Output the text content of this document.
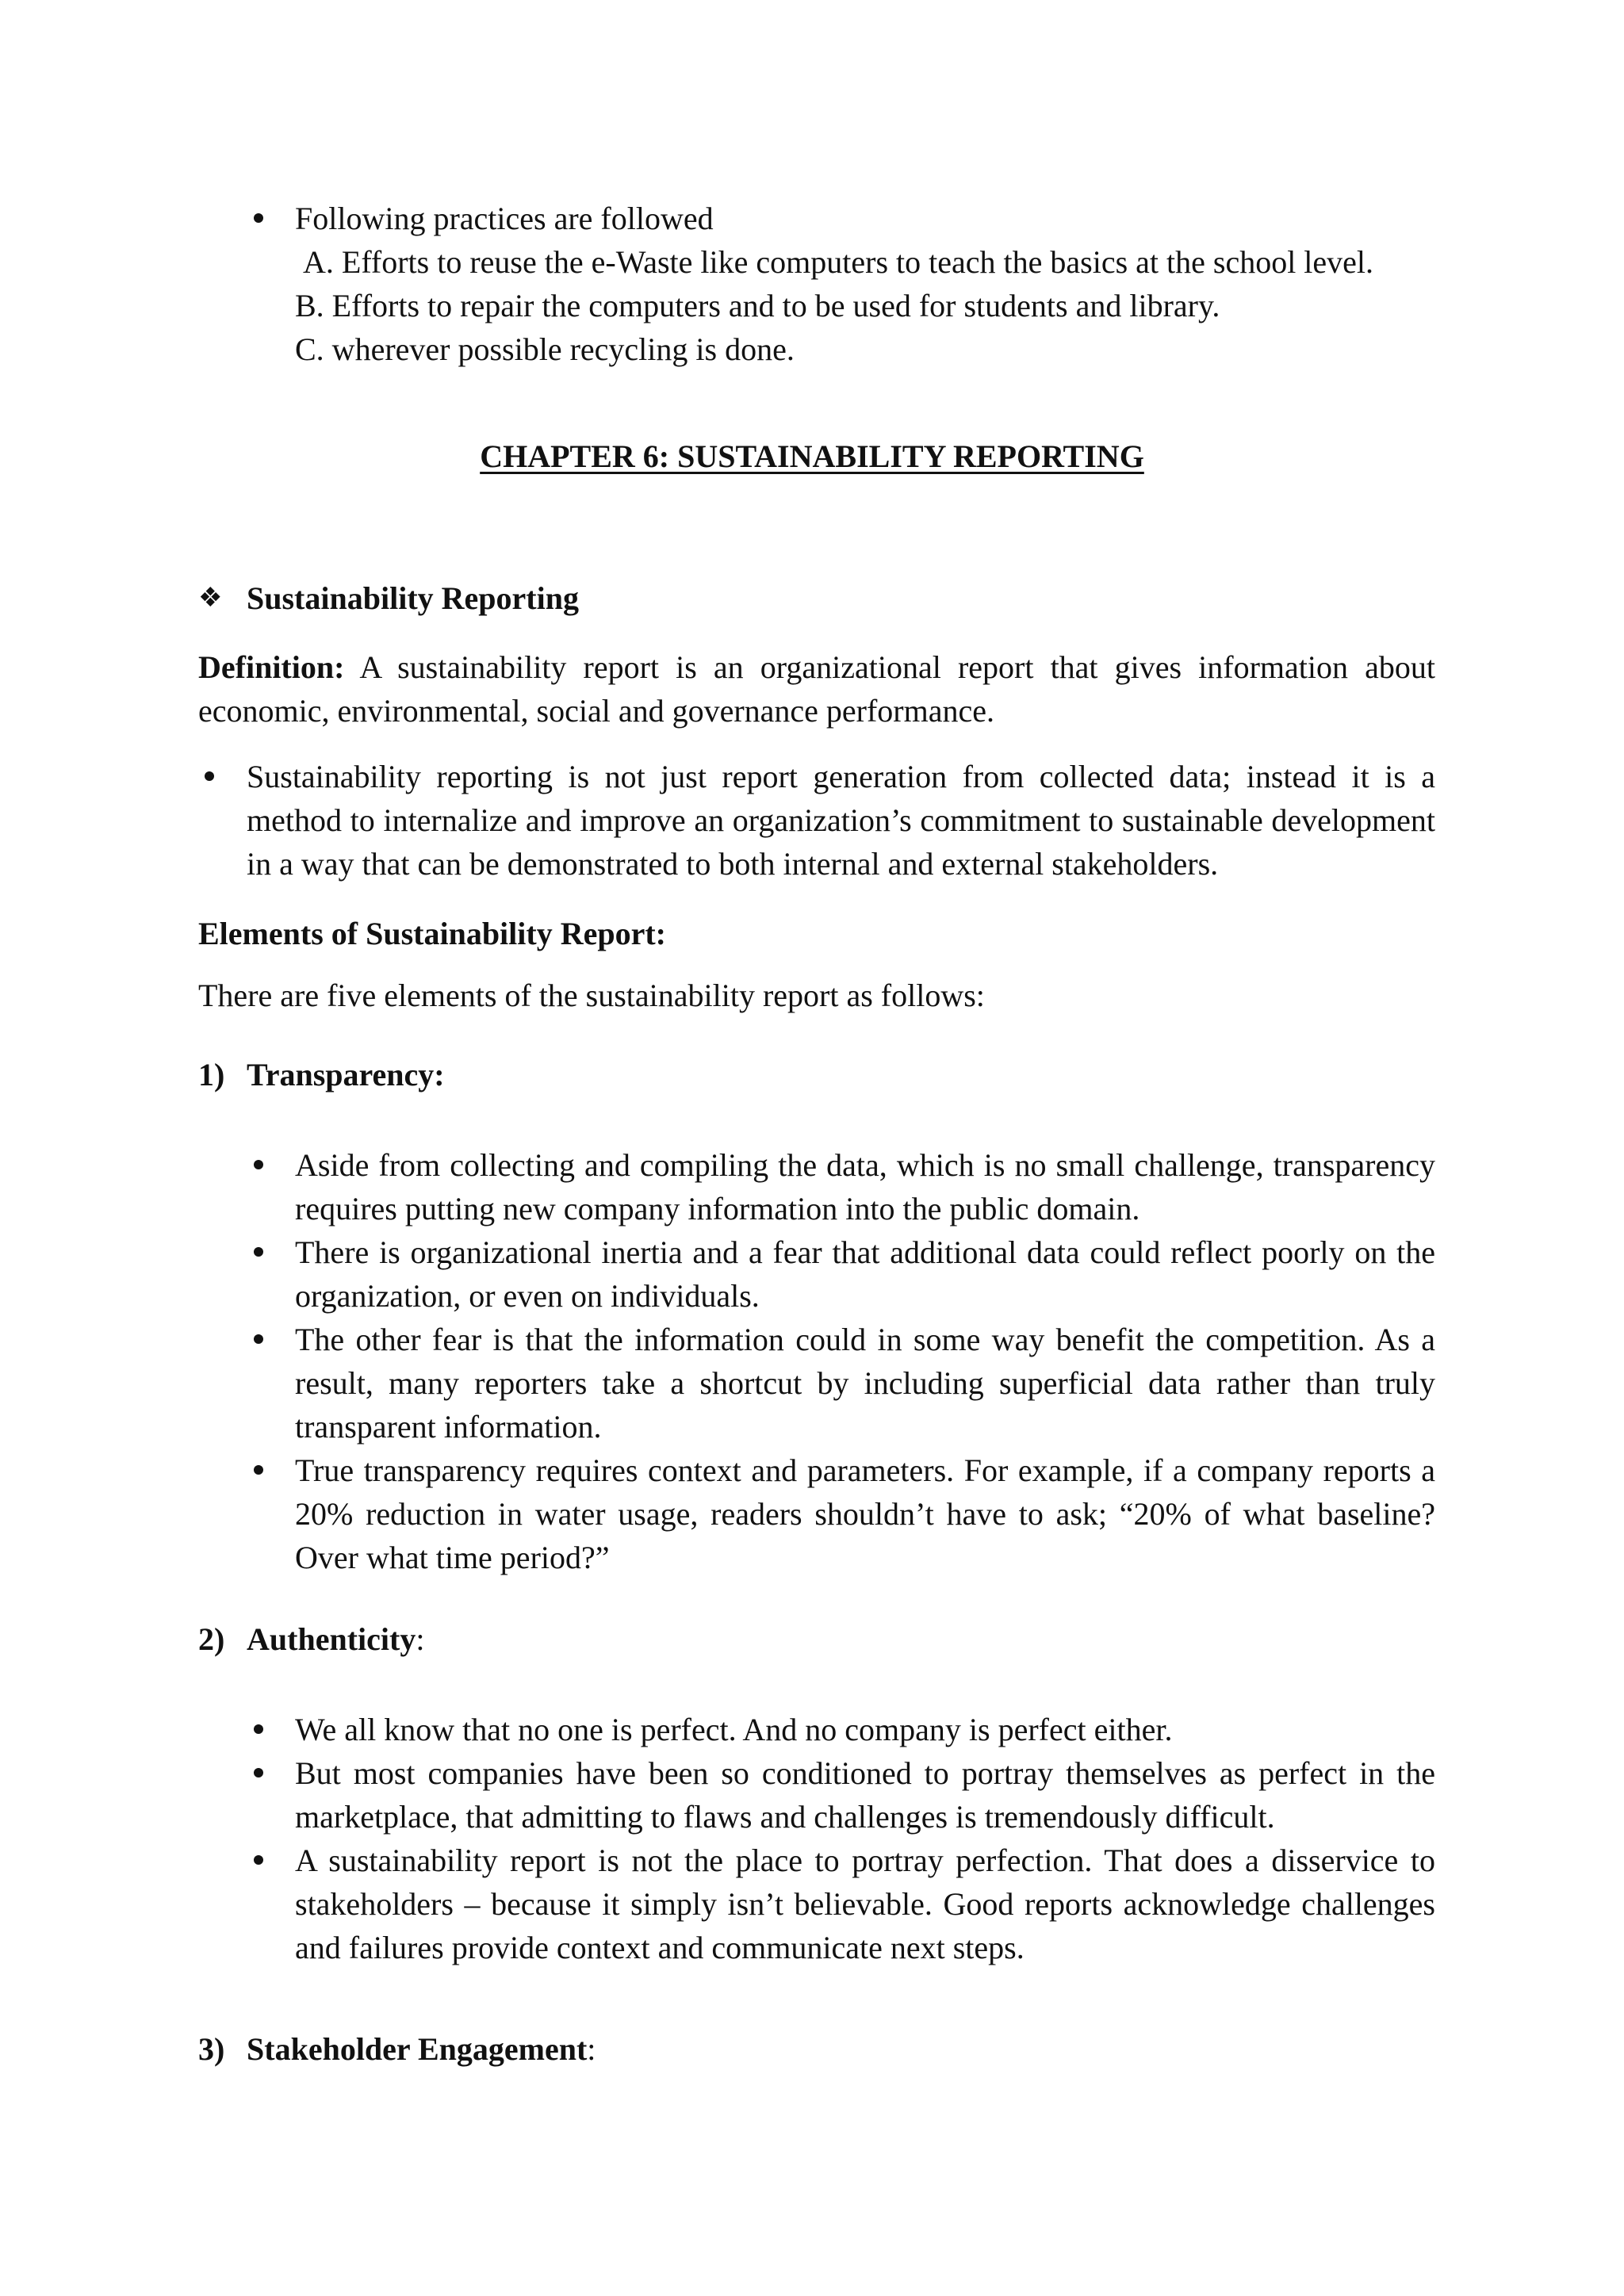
Following practices are followed
A. Efforts to reuse the e-Waste like computers to teach the basics at the school level.
B. Efforts to repair the computers and to be used for students and library.
C. wherever possible recycling is done.
CHAPTER 6: SUSTAINABILITY REPORTING
❖ Sustainability Reporting
Definition: A sustainability report is an organizational report that gives information about economic, environmental, social and governance performance.
Sustainability reporting is not just report generation from collected data; instead it is a method to internalize and improve an organization’s commitment to sustainable development in a way that can be demonstrated to both internal and external stakeholders.
Elements of Sustainability Report:
There are five elements of the sustainability report as follows:
1) Transparency:
Aside from collecting and compiling the data, which is no small challenge, transparency requires putting new company information into the public domain.
There is organizational inertia and a fear that additional data could reflect poorly on the organization, or even on individuals.
The other fear is that the information could in some way benefit the competition. As a result, many reporters take a shortcut by including superficial data rather than truly transparent information.
True transparency requires context and parameters. For example, if a company reports a 20% reduction in water usage, readers shouldn’t have to ask; “20% of what baseline? Over what time period?”
2) Authenticity:
We all know that no one is perfect. And no company is perfect either.
But most companies have been so conditioned to portray themselves as perfect in the marketplace, that admitting to flaws and challenges is tremendously difficult.
A sustainability report is not the place to portray perfection. That does a disservice to stakeholders – because it simply isn’t believable. Good reports acknowledge challenges and failures provide context and communicate next steps.
3) Stakeholder Engagement:
